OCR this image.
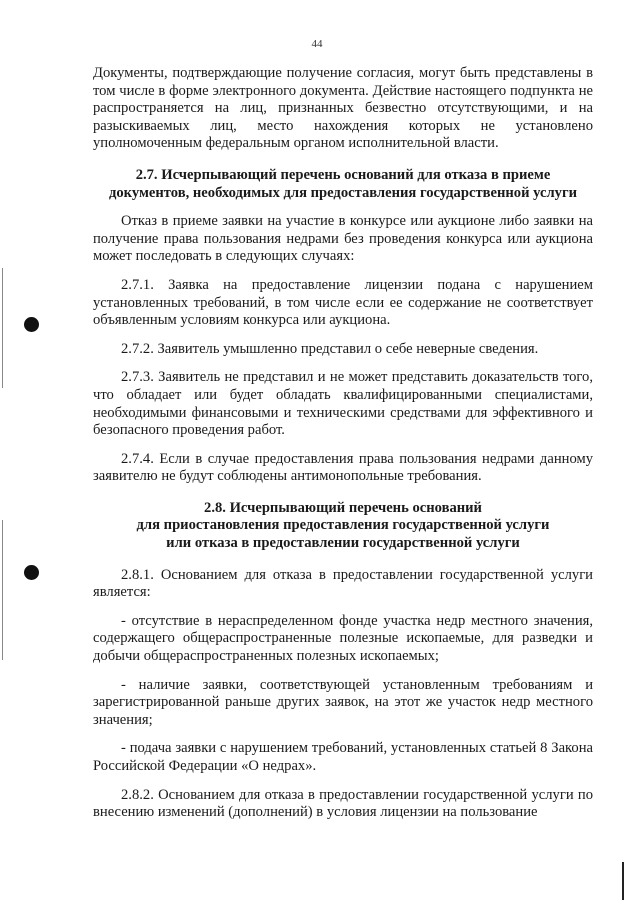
44

Документы, подтверждающие получение согласия, могут быть представлены в том числе в форме электронного документа. Действие настоящего подпункта не распространяется на лиц, признанных безвестно отсутствующими, и на разыскиваемых лиц, место нахождения которых не установлено уполномоченным федеральным органом исполнительной власти.

2.7. Исчерпывающий перечень оснований для отказа в приеме

документов, необходимых для предоставления государственной услуги

Отказ в приеме заявки на участие в конкурсе или аукционе либо заявки на получение права пользования недрами без проведения конкурса или аукциона может последовать в следующих случаях:

2.7.1. Заявка на предоставление лицензии подана с нарушением установленных требований, в том числе если ее содержание не соответствует объявленным условиям конкурса или аукциона.

2.7.2. Заявитель умышленно представил о себе неверные сведения.

2.7.3. Заявитель не представил и не может представить доказательств того, что обладает или будет обладать квалифицированными специалистами, необходимыми финансовыми и техническими средствами для эффективного и безопасного проведения работ.

2.7.4. Если в случае предоставления права пользования недрами данному заявителю не будут соблюдены антимонопольные требования.

2.8. Исчерпывающий перечень оснований

для приостановления предоставления государственной услуги

или отказа в предоставлении государственной услуги

2.8.1. Основанием для отказа в предоставлении государственной услуги является:

- отсутствие в нераспределенном фонде участка недр местного значения, содержащего общераспространенные полезные ископаемые, для разведки и добычи общераспространенных полезных ископаемых;

- наличие заявки, соответствующей установленным требованиям и зарегистрированной раньше других заявок, на этот же участок недр местного значения;

- подача заявки с нарушением требований, установленных статьей 8 Закона Российской Федерации «О недрах».

2.8.2. Основанием для отказа в предоставлении государственной услуги по внесению изменений (дополнений) в условия лицензии на пользование
